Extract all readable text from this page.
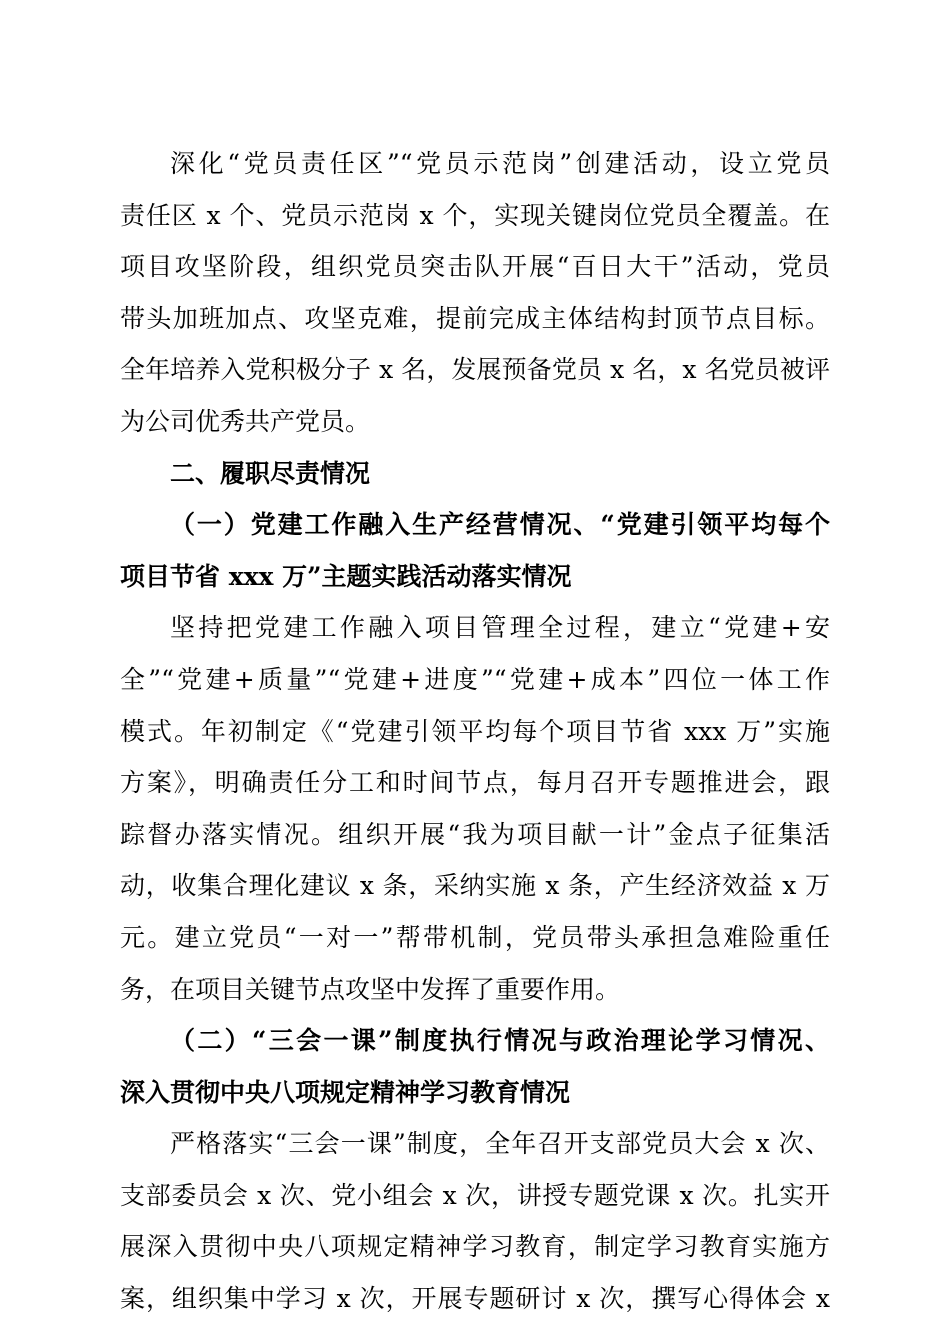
深化“党员责任区”“党员示范岗”创建活动，设立党员
责任区 x 个、党员示范岗 x 个，实现关键岗位党员全覆盖。在
项目攻坚阶段，组织党员突击队开展“百日大干”活动，党员
带头加班加点、攻坚克难，提前完成主体结构封顶节点目标。
全年培养入党积极分子 x 名，发展预备党员 x 名，x 名党员被评
为公司优秀共产党员。
二、履职尽责情况
（一）党建工作融入生产经营情况、“党建引领平均每个
项目节省 xxx 万”主题实践活动落实情况
坚持把党建工作融入项目管理全过程，建立“党建+安
全”“党建+质量”“党建+进度”“党建+成本”四位一体工作
模式。年初制定《“党建引领平均每个项目节省 xxx 万”实施
方案》，明确责任分工和时间节点，每月召开专题推进会，跟
踪督办落实情况。组织开展“我为项目献一计”金点子征集活
动，收集合理化建议 x 条，采纳实施 x 条，产生经济效益 x 万
元。建立党员“一对一”帮带机制，党员带头承担急难险重任
务，在项目关键节点攻坚中发挥了重要作用。
（二）“三会一课”制度执行情况与政治理论学习情况、
深入贯彻中央八项规定精神学习教育情况
严格落实“三会一课”制度，全年召开支部党员大会 x 次、
支部委员会 x 次、党小组会 x 次，讲授专题党课 x 次。扎实开
展深入贯彻中央八项规定精神学习教育，制定学习教育实施方
案，组织集中学习 x 次，开展专题研讨 x 次，撰写心得体会 x
